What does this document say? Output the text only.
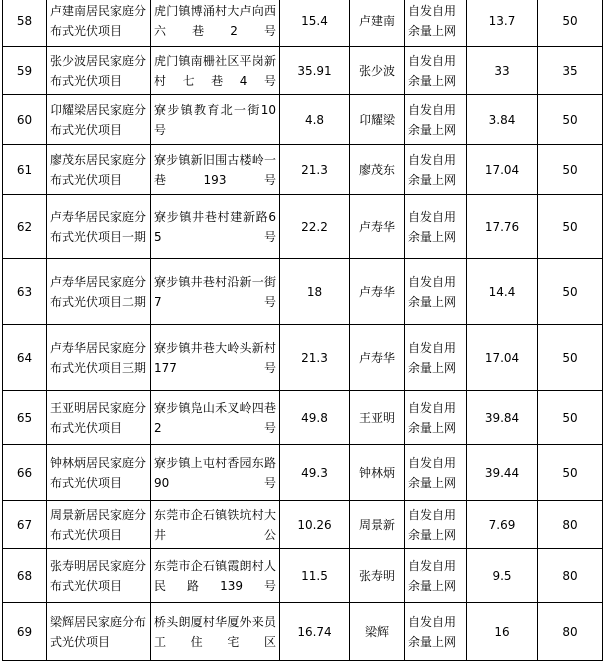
58	卢建南居民家庭分布式光伏项目	虎门镇博涌村大卢向西六巷2号	15.4	卢建南	自发自用余量上网	13.7	50
59	张少波居民家庭分布式光伏项目	虎门镇南栅社区平岗新村七巷4号	35.91	张少波	自发自用余量上网	33	35
60	卬耀梁居民家庭分布式光伏项目	寮步镇教育北一街10号	4.8	卬耀梁	自发自用余量上网	3.84	50
61	廖茂东居民家庭分布式光伏项目	寮步镇新旧围古楼岭一巷193号	21.3	廖茂东	自发自用余量上网	17.04	50
62	卢寿华居民家庭分布式光伏项目一期	寮步镇井巷村建新路65号	22.2	卢寿华	自发自用余量上网	17.76	50
63	卢寿华居民家庭分布式光伏项目二期	寮步镇井巷村沿新一街7号	18	卢寿华	自发自用余量上网	14.4	50
64	卢寿华居民家庭分布式光伏项目三期	寮步镇井巷大岭头新村177号	21.3	卢寿华	自发自用余量上网	17.04	50
65	王亚明居民家庭分布式光伏项目	寮步镇凫山禾叉岭四巷2号	49.8	王亚明	自发自用余量上网	39.84	50
66	钟林炳居民家庭分布式光伏项目	寮步镇上屯村香园东路90号	49.3	钟林炳	自发自用余量上网	39.44	50
67	周景新居民家庭分布式光伏项目	东莞市企石镇铁坑村大井公	10.26	周景新	自发自用余量上网	7.69	80
68	张寿明居民家庭分布式光伏项目	东莞市企石镇霞朗村人民路139号	11.5	张寿明	自发自用余量上网	9.5	80
69	梁辉居民家庭分布式光伏项目	桥头朗厦村华厦外来员工住宅区	16.74	梁辉	自发自用余量上网	16	80
